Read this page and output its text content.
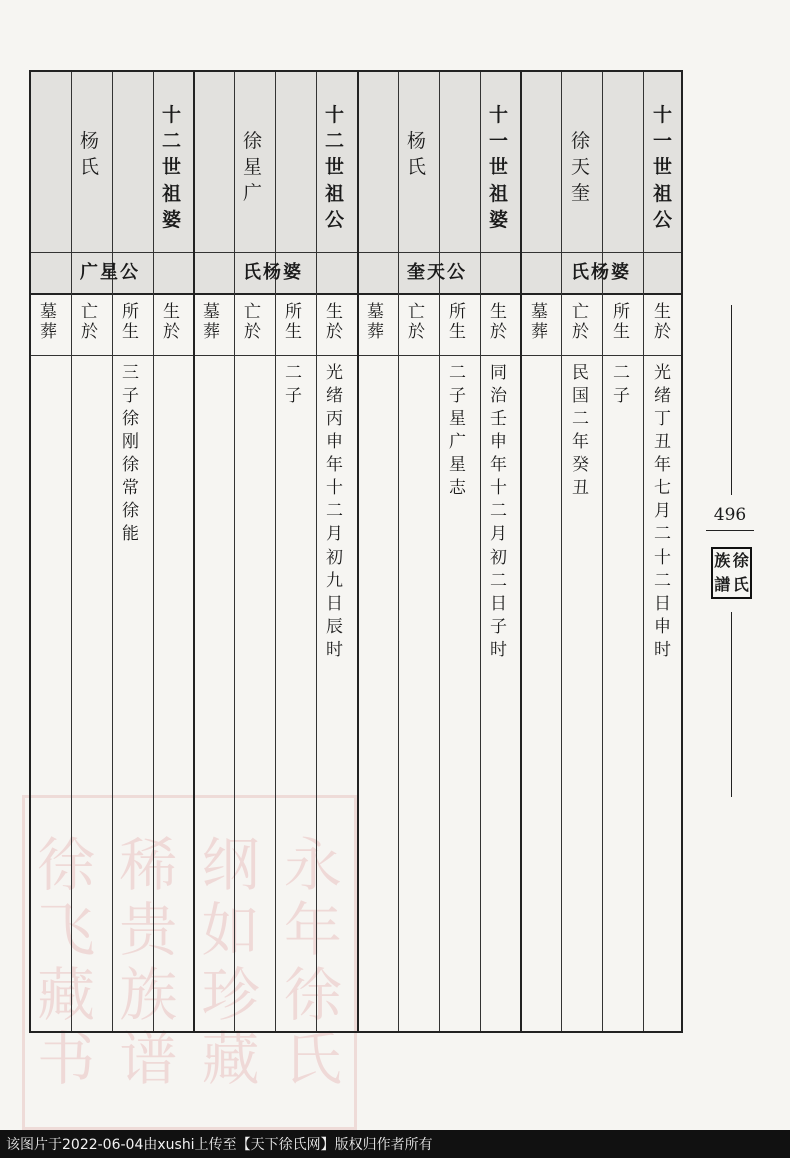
永
年
徐
氏
纲
如
珍
藏
稀
贵
族
谱
徐
飞
藏
书
十
一
世
祖
公
徐
天
奎
氏杨婆
生
於
光
绪
丁
丑
年
七
月
二
十
二
日
申
时
所
生
二
子
亡
於
民
国
二
年
癸
丑
墓
葬
十
一
世
祖
婆
杨
氏
奎天公
生
於
同
治
壬
申
年
十
二
月
初
二
日
子
时
所
生
二
子
星
广
星
志
亡
於
墓
葬
十
二
世
祖
公
徐
星
广
氏杨婆
生
於
光
绪
丙
申
年
十
二
月
初
九
日
辰
时
所
生
二
子
亡
於
墓
葬
十
二
世
祖
婆
杨
氏
广星公
生
於
所
生
三
子
徐
刚
徐
常
徐
能
亡
於
墓
葬
496
族 徐
譜 氏
该图片于2022-06-04由xushi上传至【天下徐氏网】版权归作者所有
